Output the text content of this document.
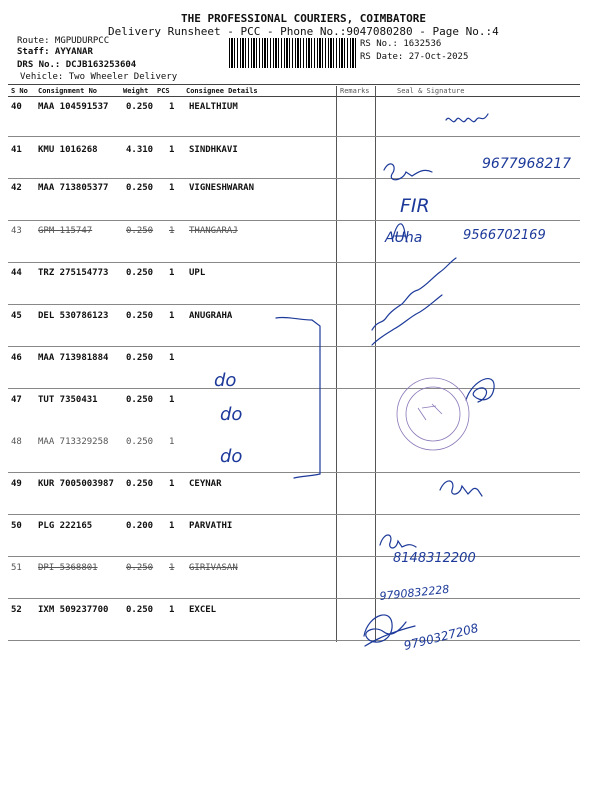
THE PROFESSIONAL COURIERS, COIMBATORE
Delivery Runsheet - PCC - Phone No.:9047080280 - Page No.:4
Route: MGPUDURPCC
Staff: AYYANAR
DRS No.: DCJB163253604
Vehicle: Two Wheeler Delivery
RS No.: 1632536
RS Date: 27-Oct-2025
S No Consignment No	Weight PCS Consignee Details	Remarks	Seal & Signature
40 MAA 104591537 0.250 1 HEALTHIUM
41 KMU 1016268	4.310 1 SINDHKAVI
42 MAA 713805377 0.250 1 VIGNESHWARAN
43 GPM 115747	0.250 1 THANGARAJ
44 TRZ 275154773 0.250 1 UPL
45 DEL 530786123 0.250 1 ANUGRAHA
46 MAA 713981884 0.250 1
47 TUT 7350431	0.250 1
48 MAA 713329258 0.250 1
49 KUR 7005003987 0.250 1 CEYNAR
50 PLG 222165	0.200 1 PARVATHI
51 DPI 5368801	0.250 1 GIRIVASAN
52 IXM 509237700 0.250 1 EXCEL
9677968217
FIR
AUha	9566702169
do
do
do
8148312200
9790832228
9790327208
